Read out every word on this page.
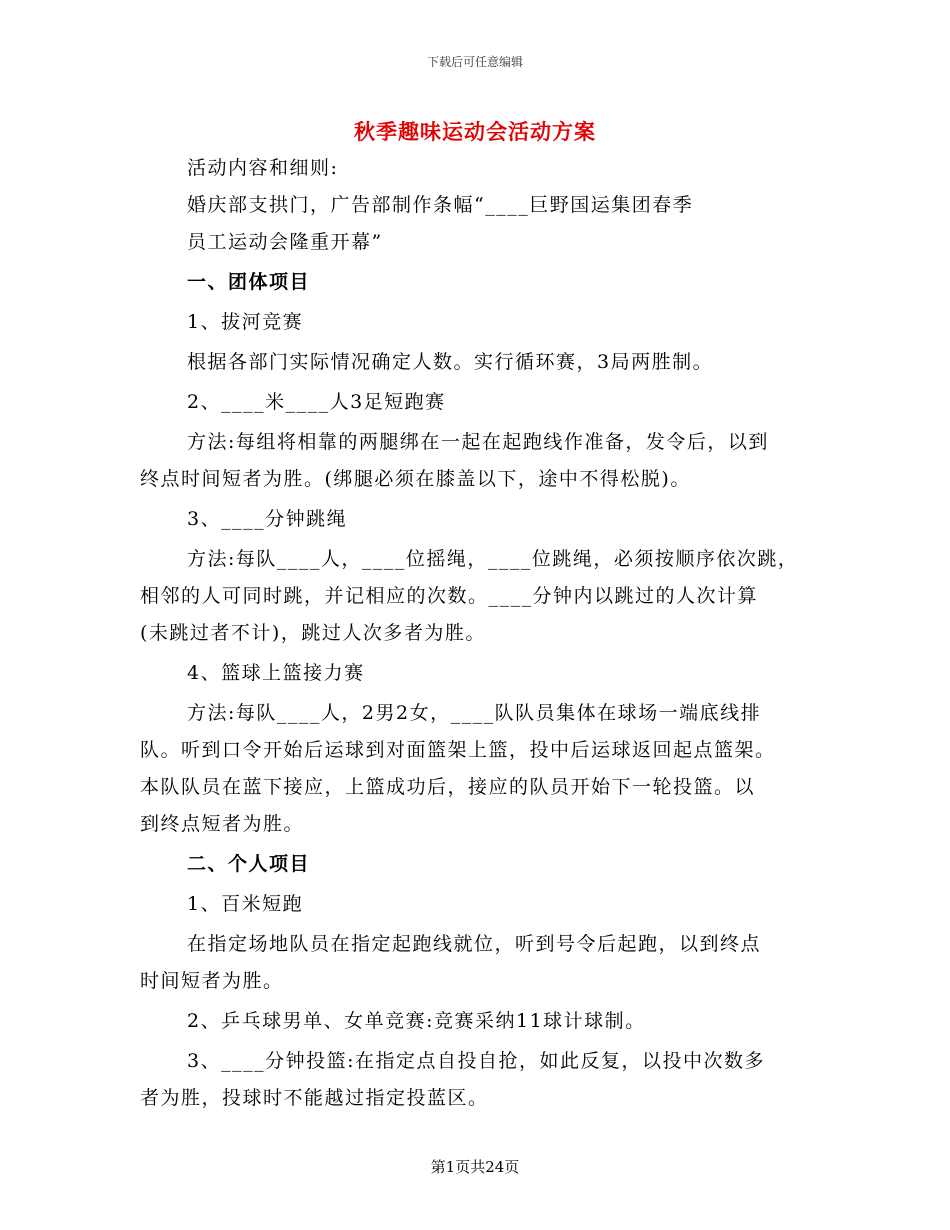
下载后可任意编辑
秋季趣味运动会活动方案

活动内容和细则:

婚庆部支拱门，广告部制作条幅“____巨野国运集团春季

员工运动会隆重开幕”

一、团体项目

1、拔河竞赛

根据各部门实际情况确定人数。实行循环赛，3局两胜制。

2、____米____人3足短跑赛

方法:每组将相靠的两腿绑在一起在起跑线作准备，发令后，以到

终点时间短者为胜。(绑腿必须在膝盖以下，途中不得松脱)。

3、____分钟跳绳

方法:每队____人，____位摇绳，____位跳绳，必须按顺序依次跳，

相邻的人可同时跳，并记相应的次数。____分钟内以跳过的人次计算

(未跳过者不计)，跳过人次多者为胜。

4、篮球上篮接力赛

方法:每队____人，2男2女，____队队员集体在球场一端底线排

队。听到口令开始后运球到对面篮架上篮，投中后运球返回起点篮架。

本队队员在蓝下接应，上篮成功后，接应的队员开始下一轮投篮。以

到终点短者为胜。

二、个人项目

1、百米短跑

在指定场地队员在指定起跑线就位，听到号令后起跑，以到终点

时间短者为胜。

2、乒乓球男单、女单竞赛:竞赛采纳11球计球制。

3、____分钟投篮:在指定点自投自抢，如此反复，以投中次数多

者为胜，投球时不能越过指定投蓝区。

第1页共24页
